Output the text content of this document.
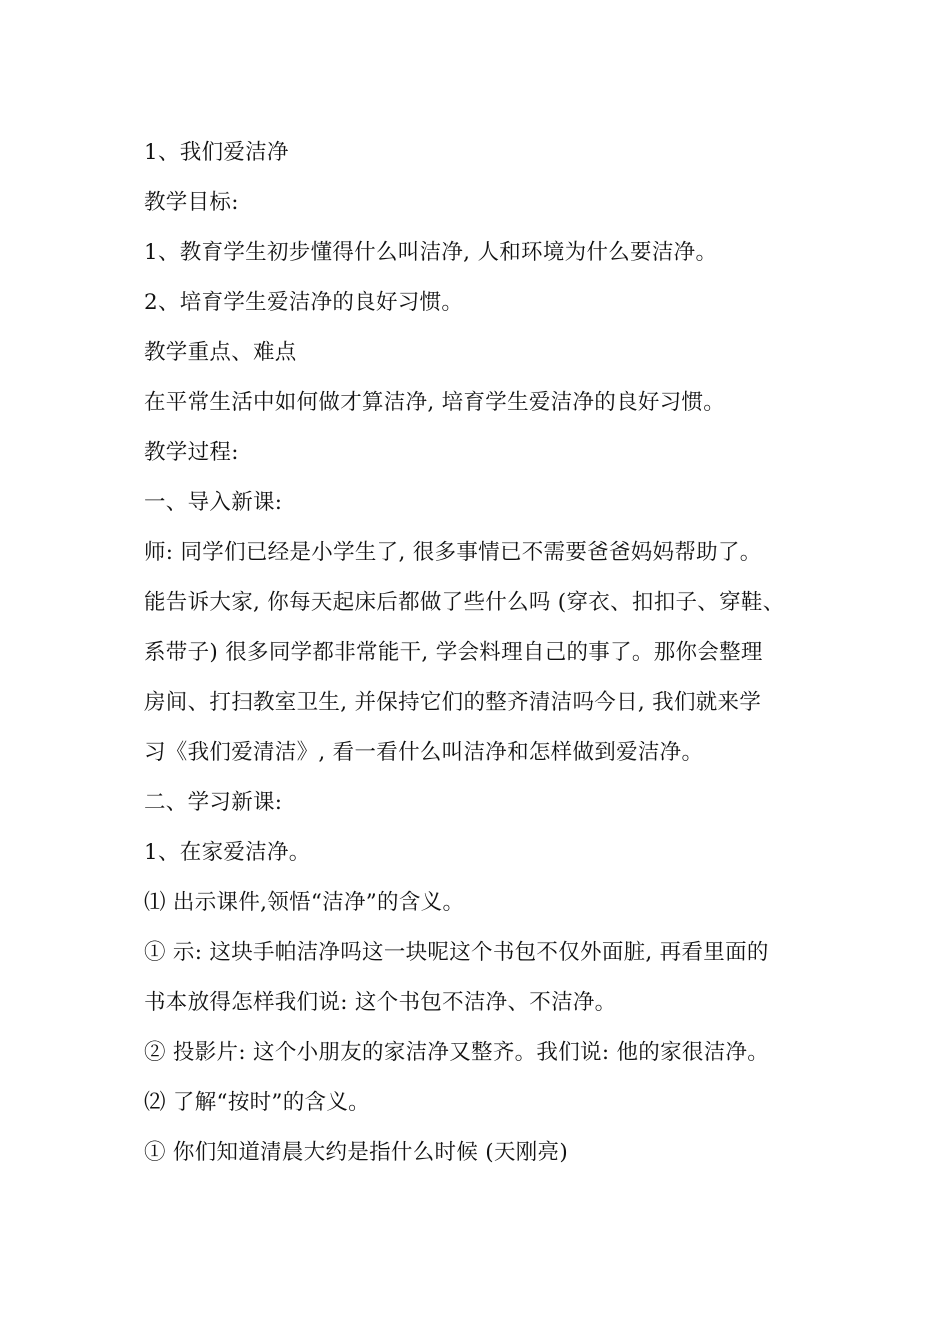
1、我们爱洁净
教学目标:
1、教育学生初步懂得什么叫洁净, 人和环境为什么要洁净。
2、培育学生爱洁净的良好习惯。
教学重点、难点
在平常生活中如何做才算洁净, 培育学生爱洁净的良好习惯。
教学过程:
一、导入新课:
师: 同学们已经是小学生了, 很多事情已不需要爸爸妈妈帮助了。
能告诉大家, 你每天起床后都做了些什么吗 (穿衣、扣扣子、穿鞋、
系带子) 很多同学都非常能干, 学会料理自己的事了。那你会整理
房间、打扫教室卫生, 并保持它们的整齐清洁吗今日, 我们就来学
习《我们爱清洁》, 看一看什么叫洁净和怎样做到爱洁净。
二、学习新课:
1、在家爱洁净。
⑴ 出示课件,领悟“洁净”的含义。
① 示: 这块手帕洁净吗这一块呢这个书包不仅外面脏, 再看里面的
书本放得怎样我们说: 这个书包不洁净、不洁净。
② 投影片: 这个小朋友的家洁净又整齐。我们说: 他的家很洁净。
⑵ 了解“按时”的含义。
① 你们知道清晨大约是指什么时候 (天刚亮)
